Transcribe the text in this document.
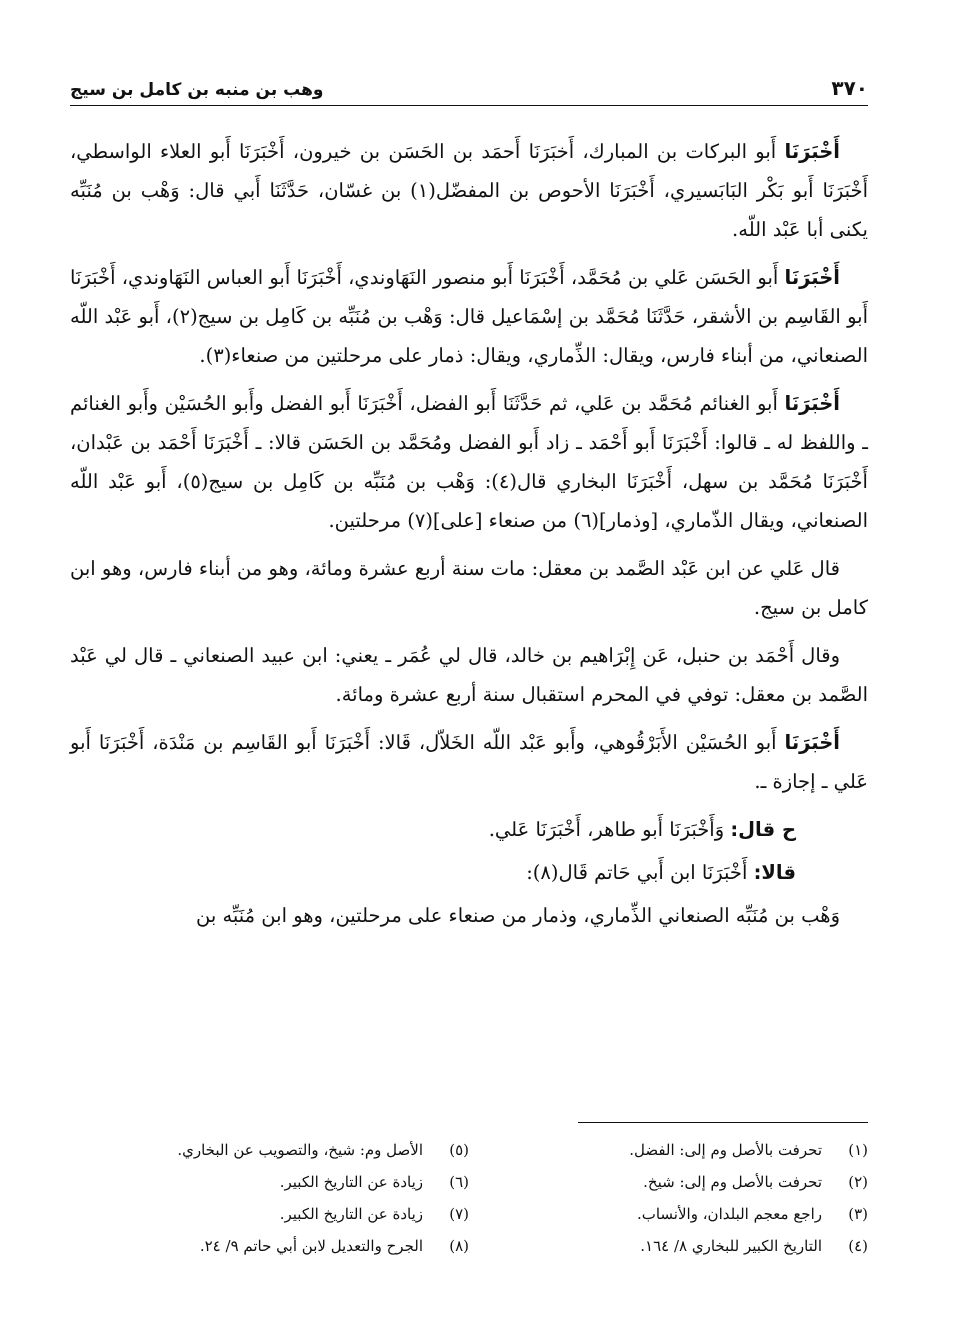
٣٧٠
وهب بن منبه بن كامل بن سيج

أَخْبَرَنَا أَبو البركات بن المبارك، أَخبَرَنَا أَحمَد بن الحَسَن بن خيرون، أَخْبَرَنَا أَبو العلاء الواسطي، أَخْبَرَنَا أَبو بَكْر البَابَسيري، أَخْبَرَنَا الأحوص بن المفضّل(١) بن غسّان، حَدَّثَنَا أَبي قال: وَهْب بن مُنَبِّه يكنى أبا عَبْد اللّه.

أَخْبَرَنَا أَبو الحَسَن عَلي بن مُحَمَّد، أَخْبَرَنَا أَبو منصور النَهَاوندي، أَخْبَرَنَا أَبو العباس النَهَاوندي، أَخْبَرَنَا أَبو القَاسِم بن الأشقر، حَدَّثَنَا مُحَمَّد بن إسْمَاعيل قال: وَهْب بن مُنَبِّه بن كَامِل بن سيج(٢)، أَبو عَبْد اللّه الصنعاني، من أبناء فارس، ويقال: الذِّماري، ويقال: ذمار على مرحلتين من صنعاء(٣).

أَخْبَرَنَا أَبو الغنائم مُحَمَّد بن عَلي، ثم حَدَّثَنَا أَبو الفضل، أَخْبَرَنَا أَبو الفضل وأَبو الحُسَيْن وأَبو الغنائم ـ واللفظ له ـ قالوا: أَخْبَرَنَا أَبو أَحْمَد ـ زاد أَبو الفضل ومُحَمَّد بن الحَسَن قالا: ـ أَخْبَرَنَا أَحْمَد بن عَبْدان، أَخْبَرَنَا مُحَمَّد بن سهل، أَخْبَرَنَا البخاري قال(٤): وَهْب بن مُنَبِّه بن كَامِل بن سيج(٥)، أَبو عَبْد اللّه الصنعاني، ويقال الذّماري، [وذمار](٦) من صنعاء [على](٧) مرحلتين.

قال عَلي عن ابن عَبْد الصَّمد بن معقل: مات سنة أربع عشرة ومائة، وهو من أبناء فارس، وهو ابن كامل بن سيج.

وقال أَحْمَد بن حنبل، عَن إِبْرَاهيم بن خالد، قال لي عُمَر ـ يعني: ابن عبيد الصنعاني ـ قال لي عَبْد الصَّمد بن معقل: توفي في المحرم استقبال سنة أربع عشرة ومائة.

أَخْبَرَنَا أَبو الحُسَيْن الأَبَرْقُوهي، وأَبو عَبْد اللّه الخَلاّل، قَالا: أَخْبَرَنَا أَبو القَاسِم بن مَنْدَة، أَخْبَرَنَا أَبو عَلي ـ إجازة ـ.

ح قال: وَأَخْبَرَنَا أَبو طاهر، أَخْبَرَنَا عَلي.

قالا: أَخْبَرَنَا ابن أَبي حَاتم قَال(٨):

وَهْب بن مُنَبِّه الصنعاني الذِّماري، وذمار من صنعاء على مرحلتين، وهو ابن مُنَبِّه بن

(١)
تحرفت بالأصل وم إلى: الفضل.
(٢)
تحرفت بالأصل وم إلى: شيخ.
(٣)
راجع معجم البلدان، والأنساب.
(٤)
التاريخ الكبير للبخاري ٨/ ١٦٤.
(٥)
الأصل وم: شيخ، والتصويب عن البخاري.
(٦)
زيادة عن التاريخ الكبير.
(٧)
زيادة عن التاريخ الكبير.
(٨)
الجرح والتعديل لابن أبي حاتم ٩/ ٢٤.
